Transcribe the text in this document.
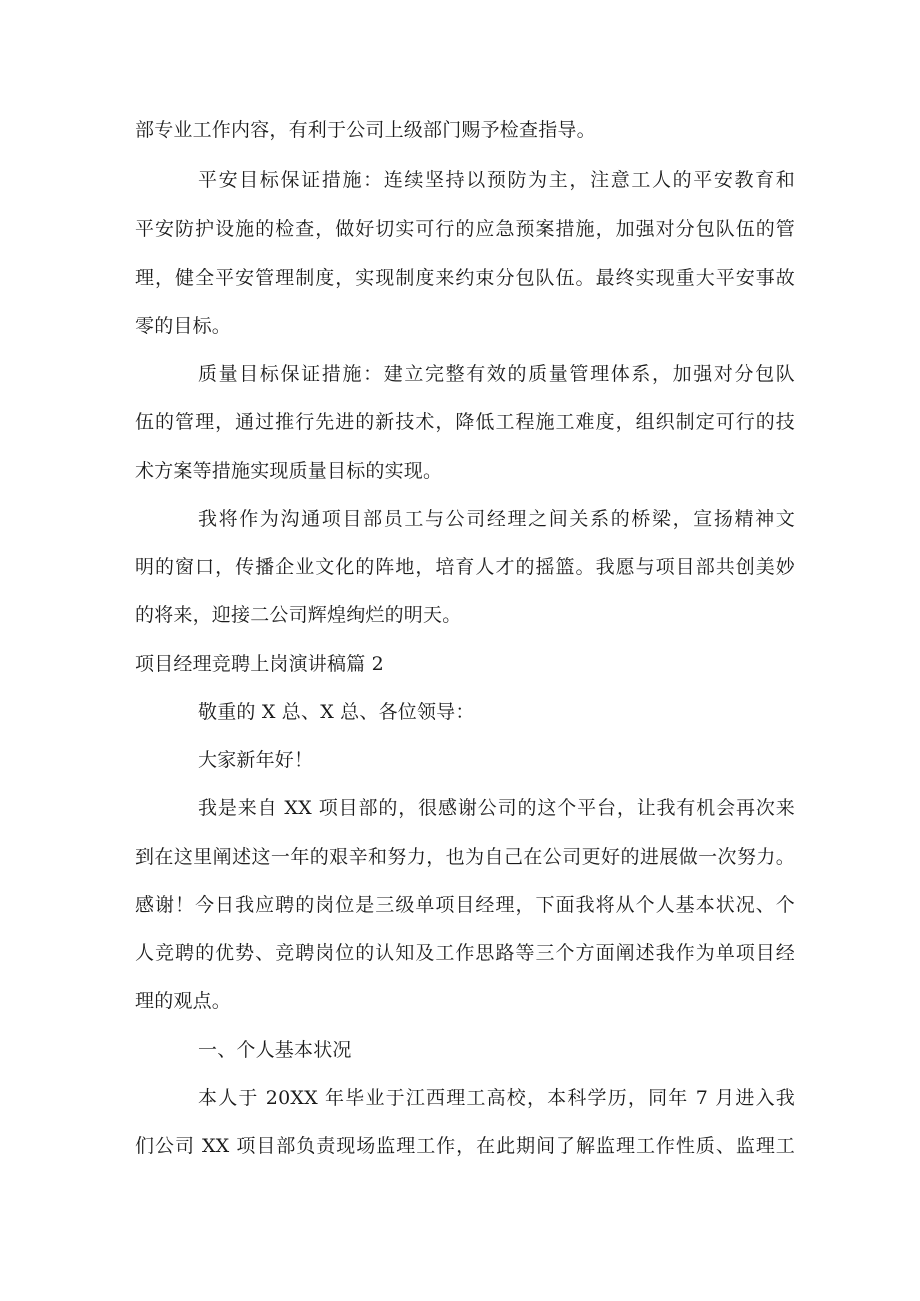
部专业工作内容，有利于公司上级部门赐予检查指导。
平安目标保证措施：连续坚持以预防为主，注意工人的平安教育和
平安防护设施的检查，做好切实可行的应急预案措施，加强对分包队伍的管
理，健全平安管理制度，实现制度来约束分包队伍。最终实现重大平安事故
零的目标。
质量目标保证措施：建立完整有效的质量管理体系，加强对分包队
伍的管理，通过推行先进的新技术，降低工程施工难度，组织制定可行的技
术方案等措施实现质量目标的实现。
我将作为沟通项目部员工与公司经理之间关系的桥梁，宣扬精神文
明的窗口，传播企业文化的阵地，培育人才的摇篮。我愿与项目部共创美妙
的将来，迎接二公司辉煌绚烂的明天。
项目经理竞聘上岗演讲稿篇 2
敬重的 X 总、X 总、各位领导：
大家新年好！
我是来自 XX 项目部的，很感谢公司的这个平台，让我有机会再次来
到在这里阐述这一年的艰辛和努力，也为自己在公司更好的进展做一次努力。
感谢！今日我应聘的岗位是三级单项目经理，下面我将从个人基本状况、个
人竞聘的优势、竞聘岗位的认知及工作思路等三个方面阐述我作为单项目经
理的观点。
一、个人基本状况
本人于 20XX 年毕业于江西理工高校，本科学历，同年 7 月进入我
们公司 XX 项目部负责现场监理工作，在此期间了解监理工作性质、监理工
